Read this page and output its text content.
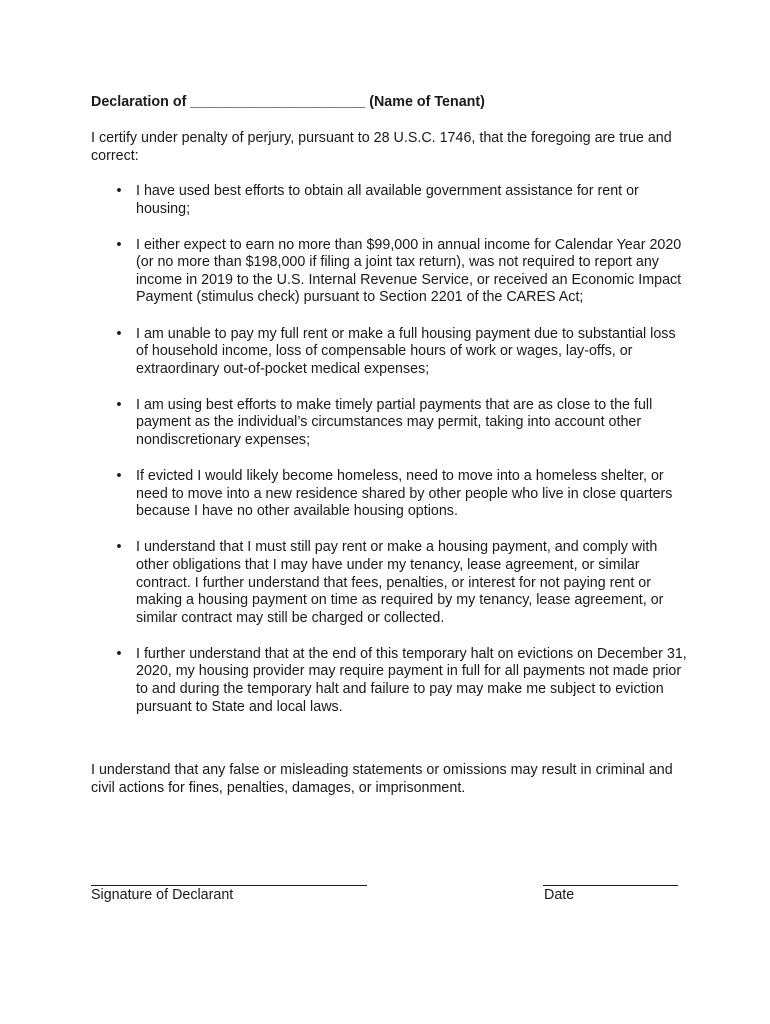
Declaration of ______________________ (Name of Tenant)
I certify under penalty of perjury, pursuant to 28 U.S.C. 1746, that the foregoing are true and correct:
• I have used best efforts to obtain all available government assistance for rent or housing;
• I either expect to earn no more than $99,000 in annual income for Calendar Year 2020 (or no more than $198,000 if filing a joint tax return), was not required to report any income in 2019 to the U.S. Internal Revenue Service, or received an Economic Impact Payment (stimulus check) pursuant to Section 2201 of the CARES Act;
• I am unable to pay my full rent or make a full housing payment due to substantial loss of household income, loss of compensable hours of work or wages, lay-offs, or extraordinary out-of-pocket medical expenses;
• I am using best efforts to make timely partial payments that are as close to the full payment as the individual’s circumstances may permit, taking into account other nondiscretionary expenses;
• If evicted I would likely become homeless, need to move into a homeless shelter, or need to move into a new residence shared by other people who live in close quarters because I have no other available housing options.
• I understand that I must still pay rent or make a housing payment, and comply with other obligations that I may have under my tenancy, lease agreement, or similar contract. I further understand that fees, penalties, or interest for not paying rent or making a housing payment on time as required by my tenancy, lease agreement, or similar contract may still be charged or collected.
• I further understand that at the end of this temporary halt on evictions on December 31, 2020, my housing provider may require payment in full for all payments not made prior to and during the temporary halt and failure to pay may make me subject to eviction pursuant to State and local laws.
I understand that any false or misleading statements or omissions may result in criminal and civil actions for fines, penalties, damages, or imprisonment.
Signature of Declarant	Date
